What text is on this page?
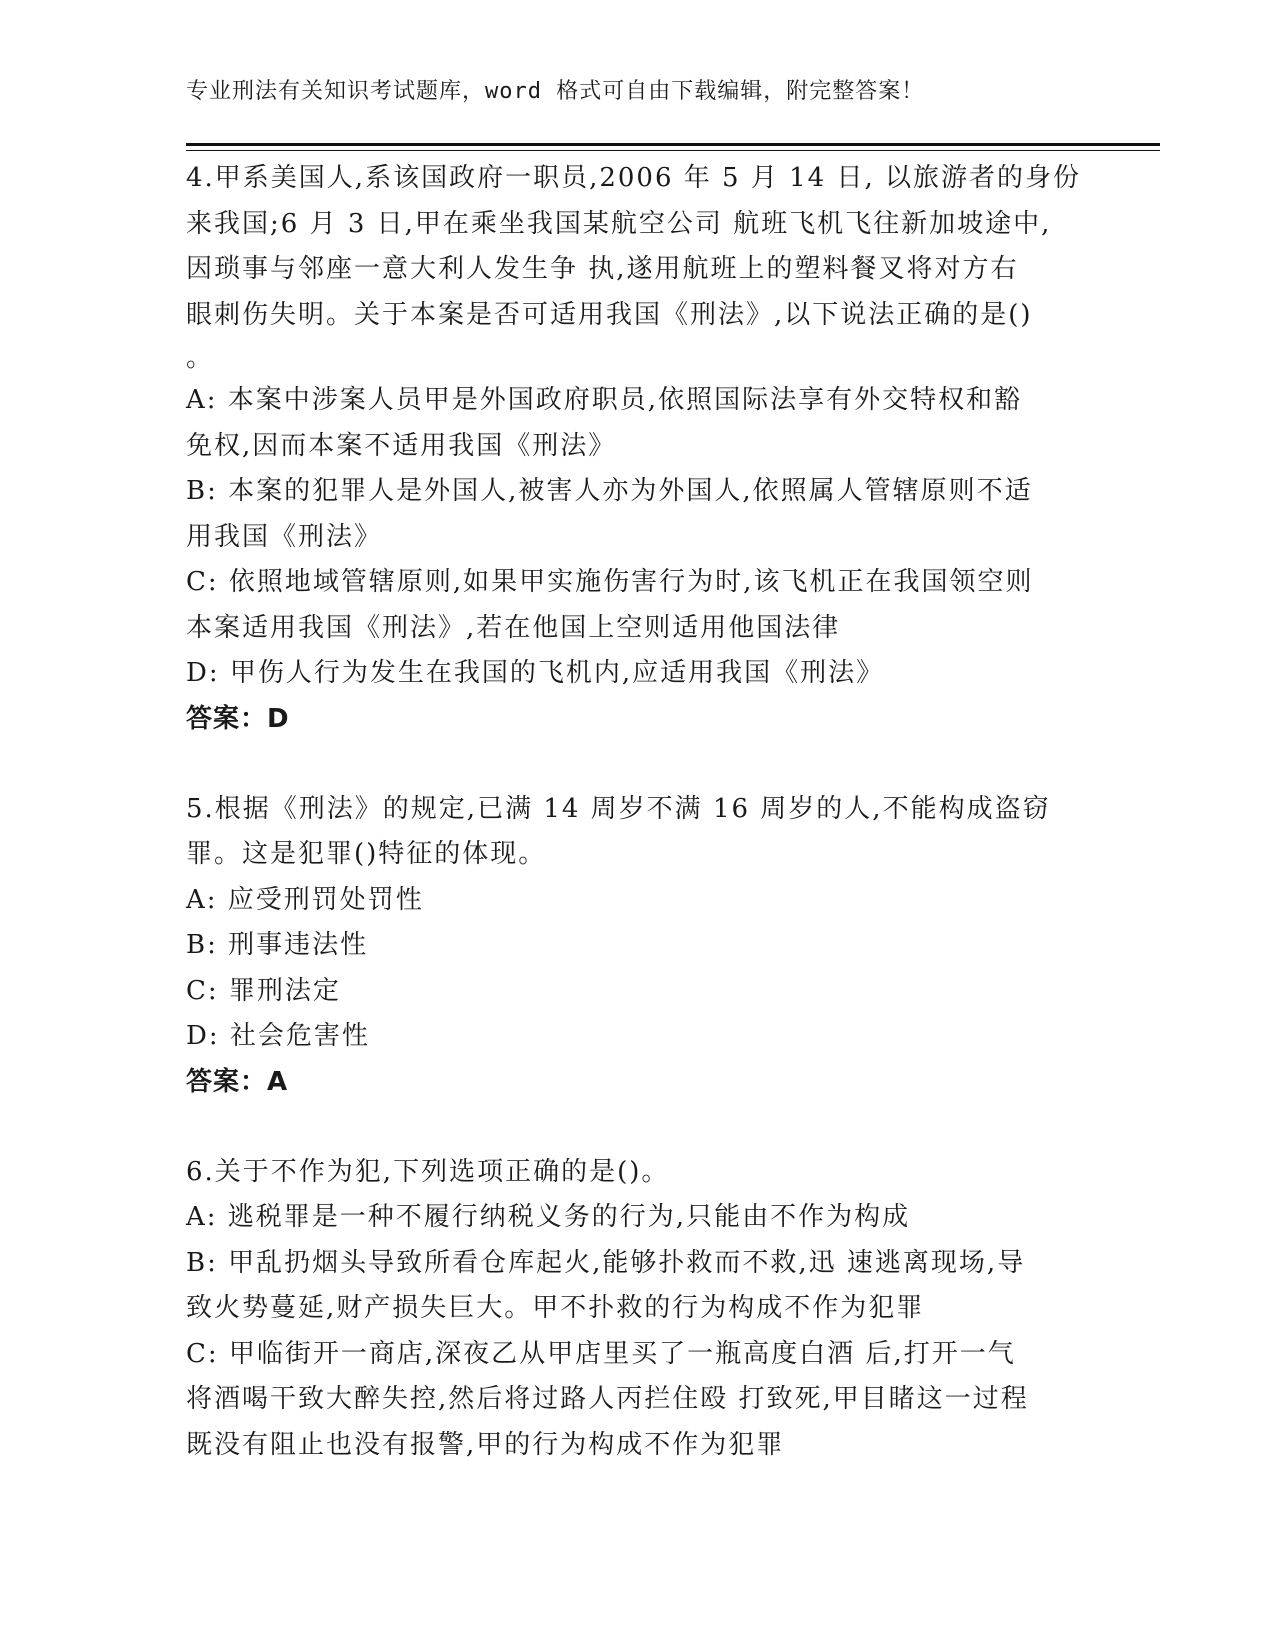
专业刑法有关知识考试题库，word 格式可自由下载编辑，附完整答案！
4.甲系美国人,系该国政府一职员,2006 年 5 月 14 日, 以旅游者的身份
来我国;6 月 3 日,甲在乘坐我国某航空公司 航班飞机飞往新加坡途中,
因琐事与邻座一意大利人发生争 执,遂用航班上的塑料餐叉将对方右
眼刺伤失明。关于本案是否可适用我国《刑法》,以下说法正确的是()
。
A: 本案中涉案人员甲是外国政府职员,依照国际法享有外交特权和豁
免权,因而本案不适用我国《刑法》
B: 本案的犯罪人是外国人,被害人亦为外国人,依照属人管辖原则不适
用我国《刑法》
C: 依照地域管辖原则,如果甲实施伤害行为时,该飞机正在我国领空则
本案适用我国《刑法》,若在他国上空则适用他国法律
D: 甲伤人行为发生在我国的飞机内,应适用我国《刑法》
答案：D
5.根据《刑法》的规定,已满 14 周岁不满 16 周岁的人,不能构成盗窃
罪。这是犯罪()特征的体现。
A: 应受刑罚处罚性
B: 刑事违法性
C: 罪刑法定
D: 社会危害性
答案：A
6.关于不作为犯,下列选项正确的是()。
A: 逃税罪是一种不履行纳税义务的行为,只能由不作为构成
B: 甲乱扔烟头导致所看仓库起火,能够扑救而不救,迅 速逃离现场,导
致火势蔓延,财产损失巨大。甲不扑救的行为构成不作为犯罪
C: 甲临街开一商店,深夜乙从甲店里买了一瓶高度白酒 后,打开一气
将酒喝干致大醉失控,然后将过路人丙拦住殴 打致死,甲目睹这一过程
既没有阻止也没有报警,甲的行为构成不作为犯罪
